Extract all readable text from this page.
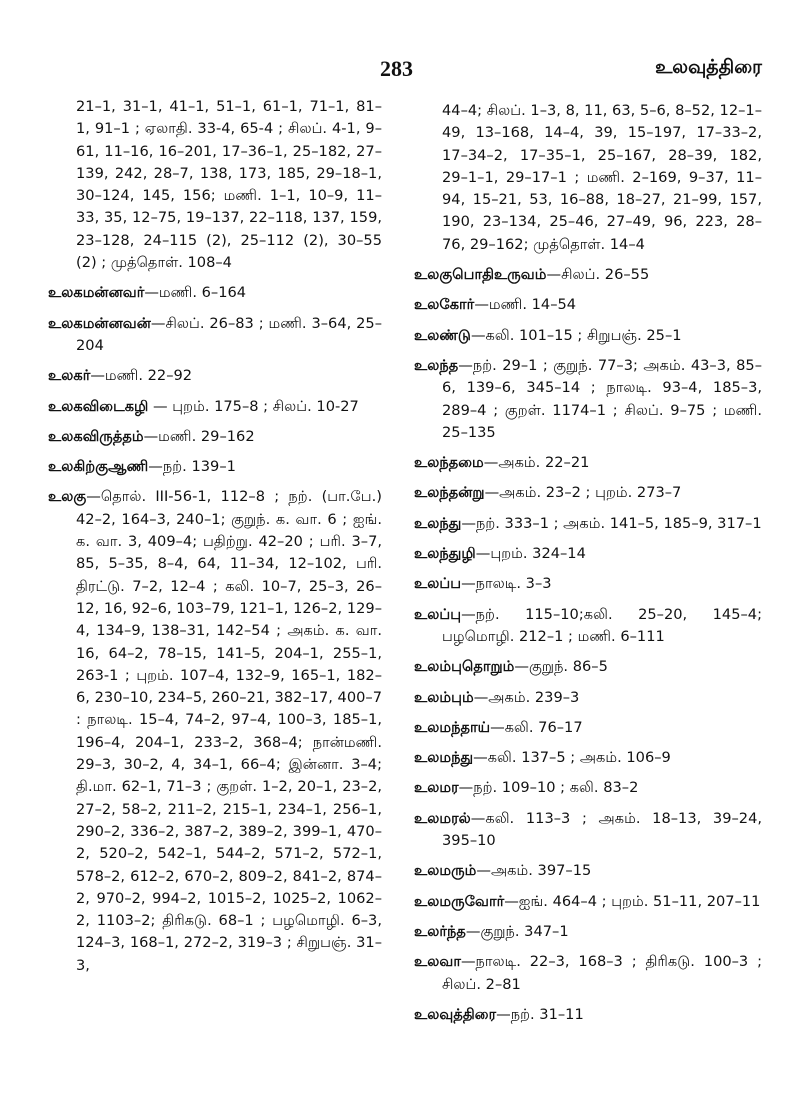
283	உலவுத்திரை

21–1, 31–1, 41–1, 51–1, 61–1, 71–1, 81–1, 91–1 ; ஏலாதி. 33-4, 65-4 ; சிலப். 4-1, 9–61, 11–16, 16–201, 17–36–1, 25–182, 27–139, 242, 28–7, 138, 173, 185, 29–18–1, 30–124, 145, 156; மணி. 1–1, 10–9, 11–33, 35, 12–75, 19–137, 22–118, 137, 159, 23–128, 24–115 (2), 25–112 (2), 30–55 (2) ; முத்தொள். 108–4

உலகமன்னவர்—மணி. 6–164

உலகமன்னவன்—சிலப். 26–83 ; மணி. 3–64, 25–204

உலகர்—மணி. 22–92

உலகவிடைகழி — புறம். 175–8 ; சிலப். 10-27

உலகவிருத்தம்—மணி. 29–162

உலகிற்குஆணி—நற். 139–1

உலகு—தொல். III-56-1, 112–8 ; நற். (பா.பே.) 42–2, 164–3, 240–1; குறுந். க. வா. 6 ; ஐங். க. வா. 3, 409–4; பதிற்று. 42–20 ; பரி. 3–7, 85, 5–35, 8–4, 64, 11–34, 12–102, பரி. திரட்டு. 7–2, 12–4 ; கலி. 10–7, 25–3, 26–12, 16, 92–6, 103–79, 121–1, 126–2, 129–4, 134–9, 138–31, 142–54 ; அகம். க. வா. 16, 64–2, 78–15, 141–5, 204–1, 255–1, 263-1 ; புறம். 107–4, 132–9, 165–1, 182–6, 230–10, 234–5, 260–21, 382–17, 400–7 : நாலடி. 15–4, 74–2, 97–4, 100–3, 185–1, 196–4, 204–1, 233–2, 368–4; நான்மணி. 29–3, 30–2, 4, 34–1, 66–4; இன்னா. 3–4; தி.மா. 62–1, 71–3 ; குறள். 1–2, 20–1, 23–2, 27–2, 58–2, 211–2, 215–1, 234–1, 256–1, 290–2, 336–2, 387–2, 389–2, 399–1, 470–2, 520–2, 542–1, 544–2, 571–2, 572–1, 578–2, 612–2, 670–2, 809–2, 841–2, 874–2, 970–2, 994–2, 1015–2, 1025–2, 1062–2, 1103–2; திரிகடு. 68–1 ; பழமொழி. 6–3, 124–3, 168–1, 272–2, 319–3 ; சிறுபஞ். 31–3,

44–4; சிலப். 1–3, 8, 11, 63, 5–6, 8–52, 12–1–49, 13–168, 14–4, 39, 15–197, 17–33–2, 17–34–2, 17–35–1, 25–167, 28–39, 182, 29–1–1, 29–17–1 ; மணி. 2–169, 9–37, 11–94, 15–21, 53, 16–88, 18–27, 21–99, 157, 190, 23–134, 25–46, 27–49, 96, 223, 28–76, 29–162; முத்தொள். 14–4

உலகுபொதிஉருவம்—சிலப். 26–55

உலகோர்—மணி. 14–54

உலண்டு—கலி. 101–15 ; சிறுபஞ். 25–1

உலந்த—நற். 29–1 ; குறுந். 77–3; அகம். 43–3, 85–6, 139–6, 345–14 ; நாலடி. 93–4, 185–3, 289–4 ; குறள். 1174–1 ; சிலப். 9–75 ; மணி. 25–135

உலந்தமை—அகம். 22–21

உலந்தன்று—அகம். 23–2 ; புறம். 273–7

உலந்து—நற். 333–1 ; அகம். 141–5, 185–9, 317–1

உலந்துழி—புறம். 324–14

உலப்ப—நாலடி. 3–3

உலப்பு—நற். 115–10;கலி. 25–20, 145–4; பழமொழி. 212–1 ; மணி. 6–111

உலம்புதொறும்—குறுந். 86–5

உலம்பும்—அகம். 239–3

உலமந்தாய்—கலி. 76–17

உலமந்து—கலி. 137–5 ; அகம். 106–9

உலமர—நற். 109–10 ; கலி. 83–2

உலமரல்—கலி. 113–3 ; அகம். 18–13, 39–24, 395–10

உலமரும்—அகம். 397–15

உலமருவோர்—ஐங். 464–4 ; புறம். 51–11, 207–11

உலர்ந்த—குறுந். 347–1

உலவா—நாலடி. 22–3, 168–3 ; திரிகடு. 100–3 ; சிலப். 2–81

உலவுத்திரை—நற். 31–11
